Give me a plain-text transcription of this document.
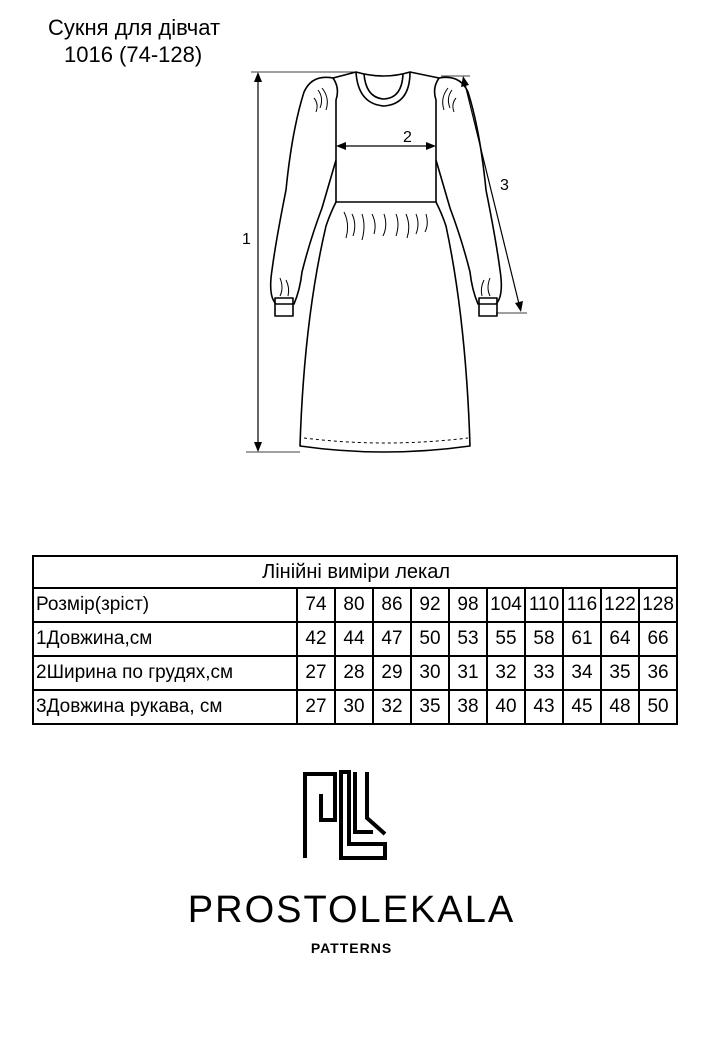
Сукня для дівчат
1016 (74-128)
1
2
3
Лінійні виміри лекал										
Розмір(зріст)	74	80	86	92	98	104	110	116	122	128
1Довжина,см	42	44	47	50	53	55	58	61	64	66
2Ширина по грудях,см	27	28	29	30	31	32	33	34	35	36
3Довжина рукава, см	27	30	32	35	38	40	43	45	48	50
PROSTOLEKALA
PATTERNS
